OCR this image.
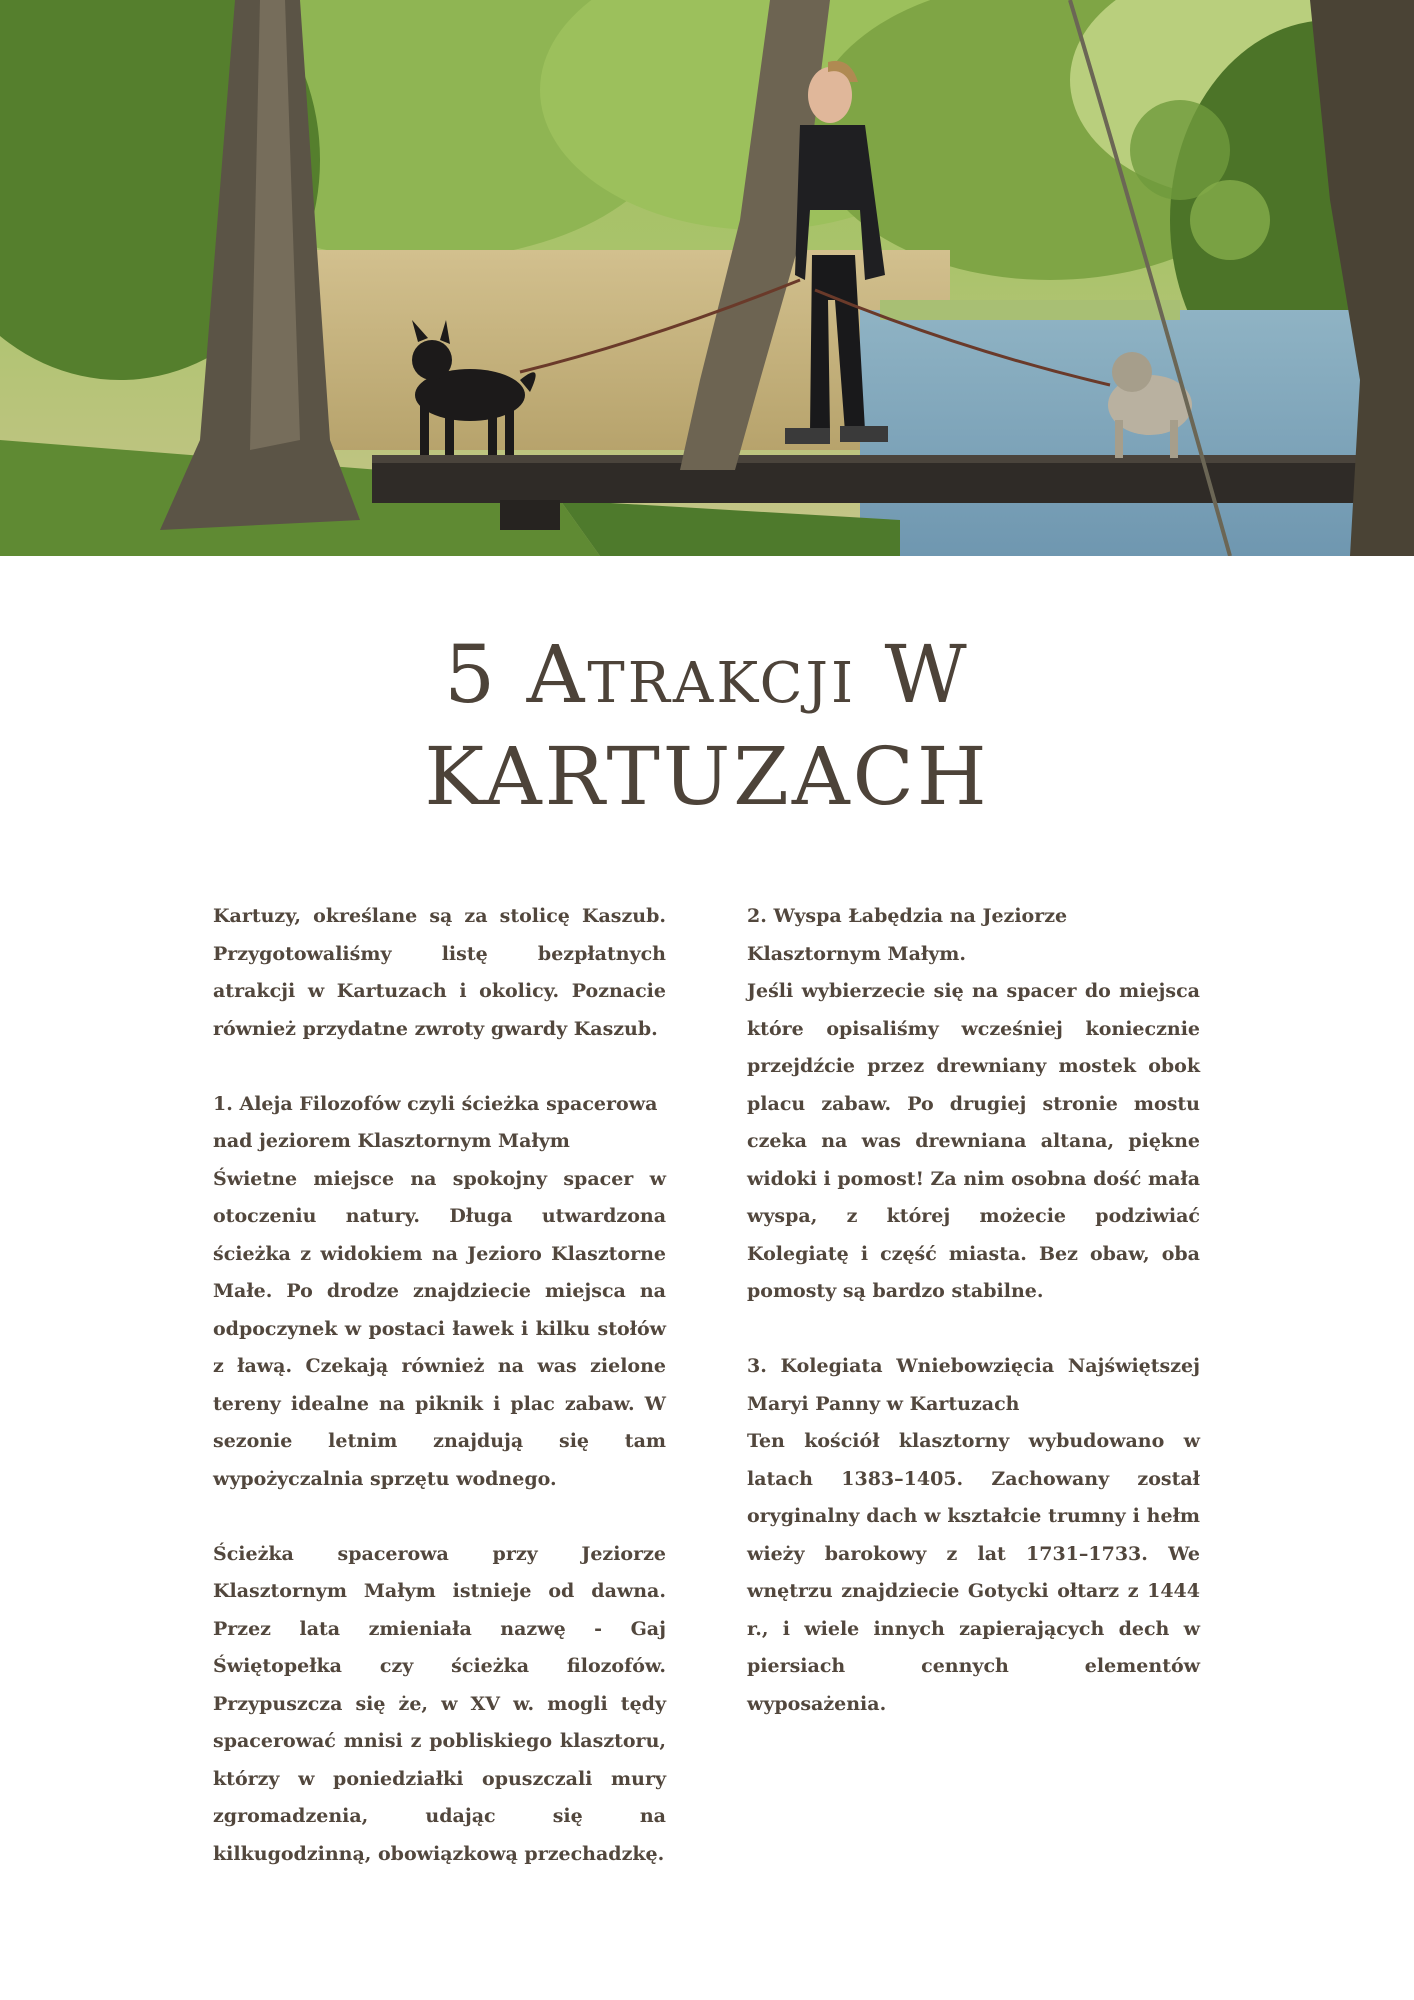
5 Atrakcji W
KARTUZACH

Kartuzy, określane są za stolicę Kaszub. Przygotowaliśmy listę bezpłatnych atrakcji w Kartuzach i okolicy. Poznacie również przydatne zwroty gwardy Kaszub.

1. Aleja Filozofów czyli ścieżka spacerowa nad jeziorem Klasztornym Małym

Świetne miejsce na spokojny spacer w otoczeniu natury. Długa utwardzona ścieżka z widokiem na Jezioro Klasztorne Małe. Po drodze znajdziecie miejsca na odpoczynek w postaci ławek i kilku stołów z ławą. Czekają również na was zielone tereny idealne na piknik i plac zabaw. W sezonie letnim znajdują się tam wypożyczalnia sprzętu wodnego.

Ścieżka spacerowa przy Jeziorze Klasztornym Małym istnieje od dawna. Przez lata zmieniała nazwę - Gaj Świętopełka czy ścieżka filozofów. Przypuszcza się że, w XV w. mogli tędy spacerować mnisi z pobliskiego klasztoru, którzy w poniedziałki opuszczali mury zgromadzenia, udając się na kilkugodzinną, obowiązkową przechadzkę.

2. Wyspa Łabędzia na Jeziorze Klasztornym Małym.

Jeśli wybierzecie się na spacer do miejsca które opisaliśmy wcześniej koniecznie przejdźcie przez drewniany mostek obok placu zabaw. Po drugiej stronie mostu czeka na was drewniana altana, piękne widoki i pomost! Za nim osobna dość mała wyspa, z której możecie podziwiać Kolegiatę i część miasta. Bez obaw, oba pomosty są bardzo stabilne.

3. Kolegiata Wniebowzięcia Najświętszej Maryi Panny w Kartuzach

Ten kościół klasztorny wybudowano w latach 1383–1405. Zachowany został oryginalny dach w kształcie trumny i hełm wieży barokowy z lat 1731–1733. We wnętrzu znajdziecie Gotycki ołtarz z 1444 r., i wiele innych zapierających dech w piersiach cennych elementów wyposażenia.
